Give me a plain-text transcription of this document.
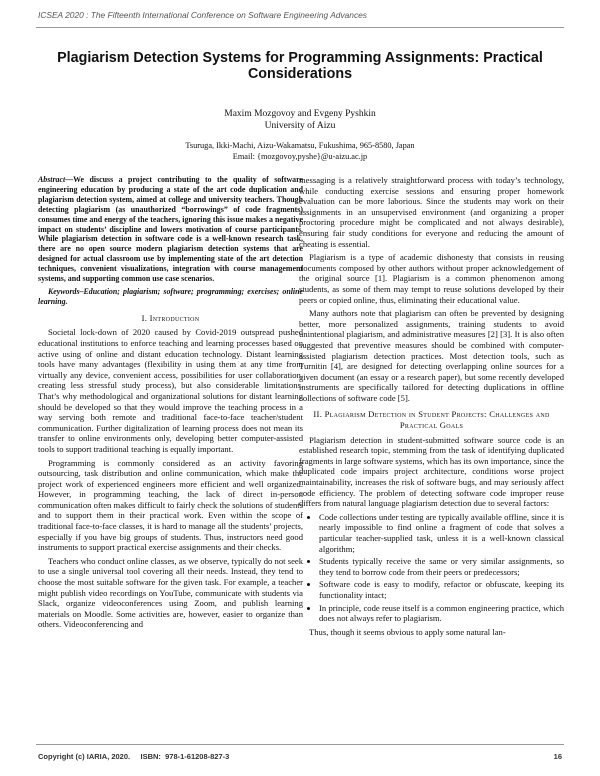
ICSEA 2020 : The Fifteenth International Conference on Software Engineering Advances
Plagiarism Detection Systems for Programming Assignments: Practical Considerations
Maxim Mozgovoy and Evgeny Pyshkin
University of Aizu
Tsuruga, Ikki-Machi, Aizu-Wakamatsu, Fukushima, 965-8580, Japan
Email: {mozgovoy,pyshe}@u-aizu.ac.jp

Abstract—We discuss a project contributing to the quality of software engineering education by producing a state of the art code duplication and plagiarism detection system, aimed at college and university teachers. Though detecting plagiarism (as unauthorized “borrowings” of code fragments) consumes time and energy of the teachers, ignoring this issue makes a negative impact on students’ discipline and lowers motivation of course participants. While plagiarism detection in software code is a well-known research task, there are no open source modern plagiarism detection systems that are designed for actual classroom use by implementing state of the art detection techniques, convenient visualizations, integration with course management systems, and supporting common use case scenarios.

Keywords–Education; plagiarism; software; programming; exercises; online learning.

I. Introduction

Societal lock-down of 2020 caused by Covid-2019 outspread pushed educational institutions to enforce teaching and learning processes based on active using of online and distant education technology. Distant learning tools have many advantages (flexibility in using them at any time from virtually any device, convenient access, possibilities for user collaboration, creating less stressful study process), but also considerable limitations. That’s why methodological and organizational solutions for distant learning should be developed so that they would improve the teaching process in a way serving both remote and traditional face-to-face teacher/student communication. Further digitalization of learning process does not mean its transfer to online environments only, developing better computer-assisted tools to support traditional teaching is equally important.

Programming is commonly considered as an activity favoring outsourcing, task distribution and online communication, which make the project work of experienced engineers more efficient and well organized. However, in programming teaching, the lack of direct in-person communication often makes difficult to fairly check the solutions of students and to support them in their practical work. Even within the scope of traditional face-to-face classes, it is hard to manage all the students’ projects, especially if you have big groups of students. Thus, instructors need good instruments to support practical exercise assignments and their checks.

Teachers who conduct online classes, as we observe, typically do not seek to use a single universal tool covering all their needs. Instead, they tend to choose the most suitable software for the given task. For example, a teacher might publish video recordings on YouTube, communicate with students via Slack, organize videoconferences using Zoom, and publish learning materials on Moodle. Some activities are, however, easier to organize than others. Videoconferencing and

messaging is a relatively straightforward process with today’s technology, while conducting exercise sessions and ensuring proper homework evaluation can be more laborious. Since the students may work on their assignments in an unsupervised environment (and organizing a proper proctoring procedure might be complicated and not always desirable), ensuring fair study conditions for everyone and reducing the amount of cheating is essential.

Plagiarism is a type of academic dishonesty that consists in reusing documents composed by other authors without proper acknowledgement of the original source [1]. Plagiarism is a common phenomenon among students, as some of them may tempt to reuse solutions developed by their peers or copied online, thus, eliminating their educational value.

Many authors note that plagiarism can often be prevented by designing better, more personalized assignments, training students to avoid unintentional plagiarism, and administrative measures [2] [3]. It is also often suggested that preventive measures should be combined with computer-assisted plagiarism detection practices. Most detection tools, such as Turnitin [4], are designed for detecting overlapping online sources for a given document (an essay or a research paper), but some recently developed instruments are specifically tailored for detecting duplications in offline collections of software code [5].

II. Plagiarism Detection in Student Projects: Challenges and Practical Goals

Plagiarism detection in student-submitted software source code is an established research topic, stemming from the task of identifying duplicated fragments in large software systems, which has its own importance, since the duplicated code impairs project architecture, conditions worse project maintainability, increases the risk of software bugs, and may seriously affect code efficiency. The problem of detecting software code improper reuse differs from natural language plagiarism detection due to several factors:

• Code collections under testing are typically available offline, since it is nearly impossible to find online a fragment of code that solves a particular teacher-supplied task, unless it is a well-known classical algorithm;
• Students typically receive the same or very similar assignments, so they tend to borrow code from their peers or predecessors;
• Software code is easy to modify, refactor or obfuscate, keeping its functionality intact;
• In principle, code reuse itself is a common engineering practice, which does not always refer to plagiarism.

Thus, though it seems obvious to apply some natural lan-

Copyright (c) IARIA, 2020.     ISBN:  978-1-61208-827-3	16
